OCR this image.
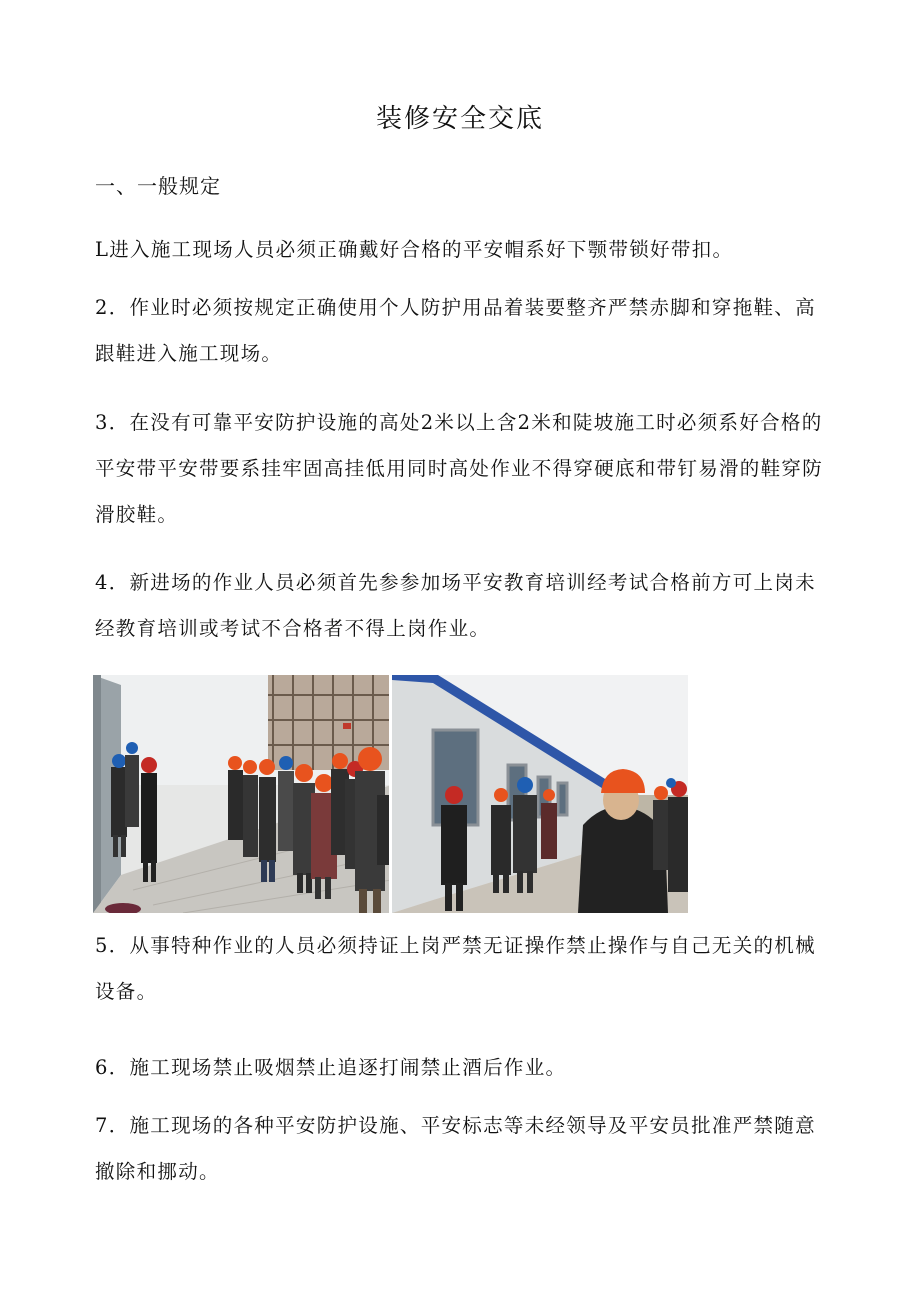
装修安全交底
一、一般规定
L进入施工现场人员必须正确戴好合格的平安帽系好下颚带锁好带扣。
2．作业时必须按规定正确使用个人防护用品着装要整齐严禁赤脚和穿拖鞋、高跟鞋进入施工现场。
3．在没有可靠平安防护设施的高处2米以上含2米和陡坡施工时必须系好合格的平安带平安带要系挂牢固高挂低用同时高处作业不得穿硬底和带钉易滑的鞋穿防滑胶鞋。
4．新进场的作业人员必须首先参参加场平安教育培训经考试合格前方可上岗未经教育培训或考试不合格者不得上岗作业。
5．从事特种作业的人员必须持证上岗严禁无证操作禁止操作与自己无关的机械设备。
6．施工现场禁止吸烟禁止追逐打闹禁止酒后作业。
7．施工现场的各种平安防护设施、平安标志等未经领导及平安员批准严禁随意撤除和挪动。
